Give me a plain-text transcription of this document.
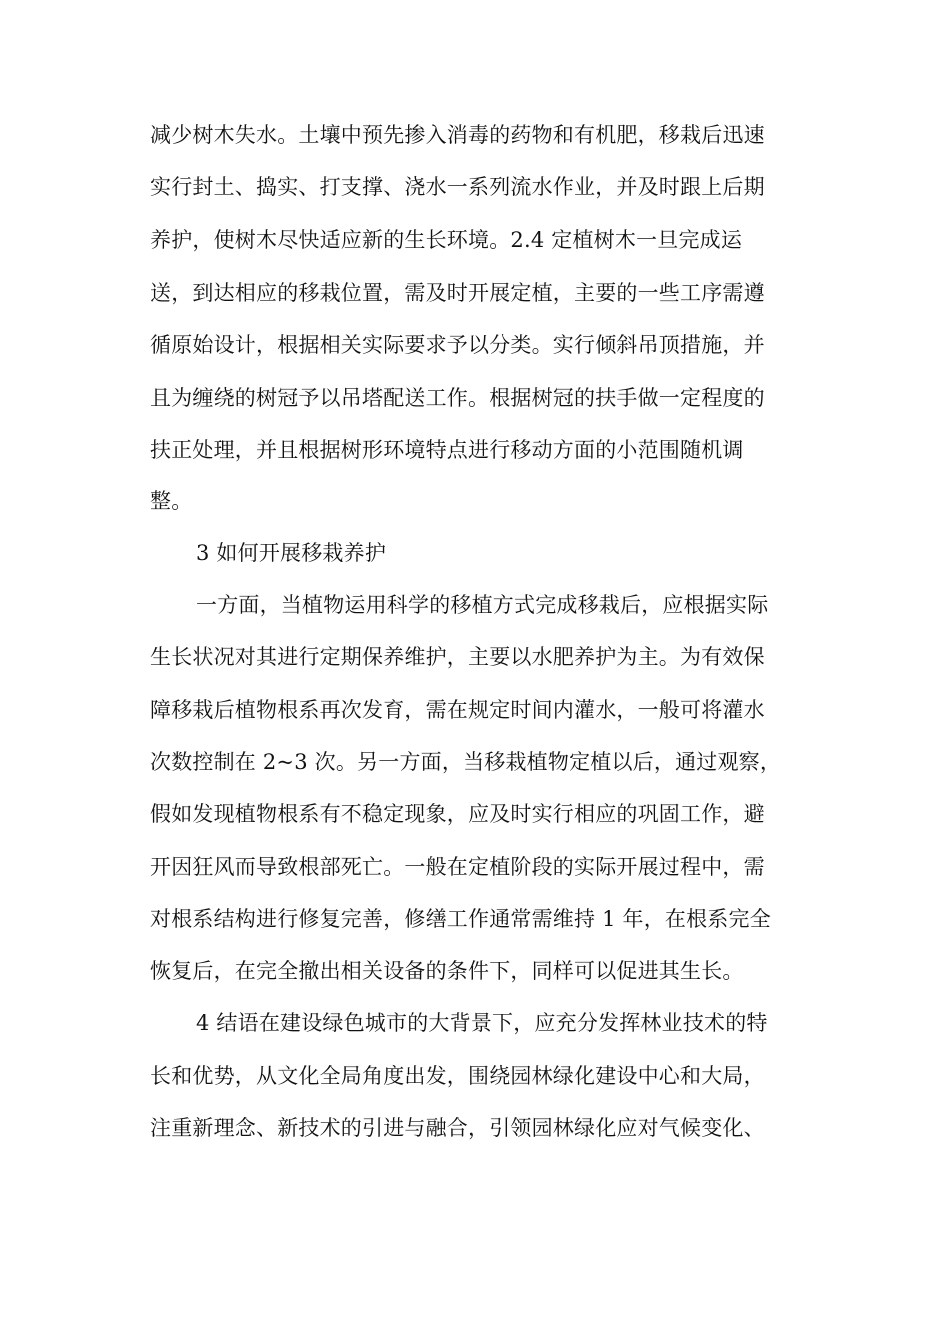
减少树木失水。土壤中预先掺入消毒的药物和有机肥，移栽后迅速
实行封土、捣实、打支撑、浇水一系列流水作业，并及时跟上后期
养护，使树木尽快适应新的生长环境。2.4 定植树木一旦完成运
送，到达相应的移栽位置，需及时开展定植，主要的一些工序需遵
循原始设计，根据相关实际要求予以分类。实行倾斜吊顶措施，并
且为缠绕的树冠予以吊塔配送工作。根据树冠的扶手做一定程度的
扶正处理，并且根据树形环境特点进行移动方面的小范围随机调
整。
3 如何开展移栽养护
一方面，当植物运用科学的移植方式完成移栽后，应根据实际
生长状况对其进行定期保养维护，主要以水肥养护为主。为有效保
障移栽后植物根系再次发育，需在规定时间内灌水，一般可将灌水
次数控制在 2~3 次。另一方面，当移栽植物定植以后，通过观察，
假如发现植物根系有不稳定现象，应及时实行相应的巩固工作，避
开因狂风而导致根部死亡。一般在定植阶段的实际开展过程中，需
对根系结构进行修复完善，修缮工作通常需维持 1 年，在根系完全
恢复后，在完全撤出相关设备的条件下，同样可以促进其生长。
4 结语在建设绿色城市的大背景下，应充分发挥林业技术的特
长和优势，从文化全局角度出发，围绕园林绿化建设中心和大局，
注重新理念、新技术的引进与融合，引领园林绿化应对气候变化、
